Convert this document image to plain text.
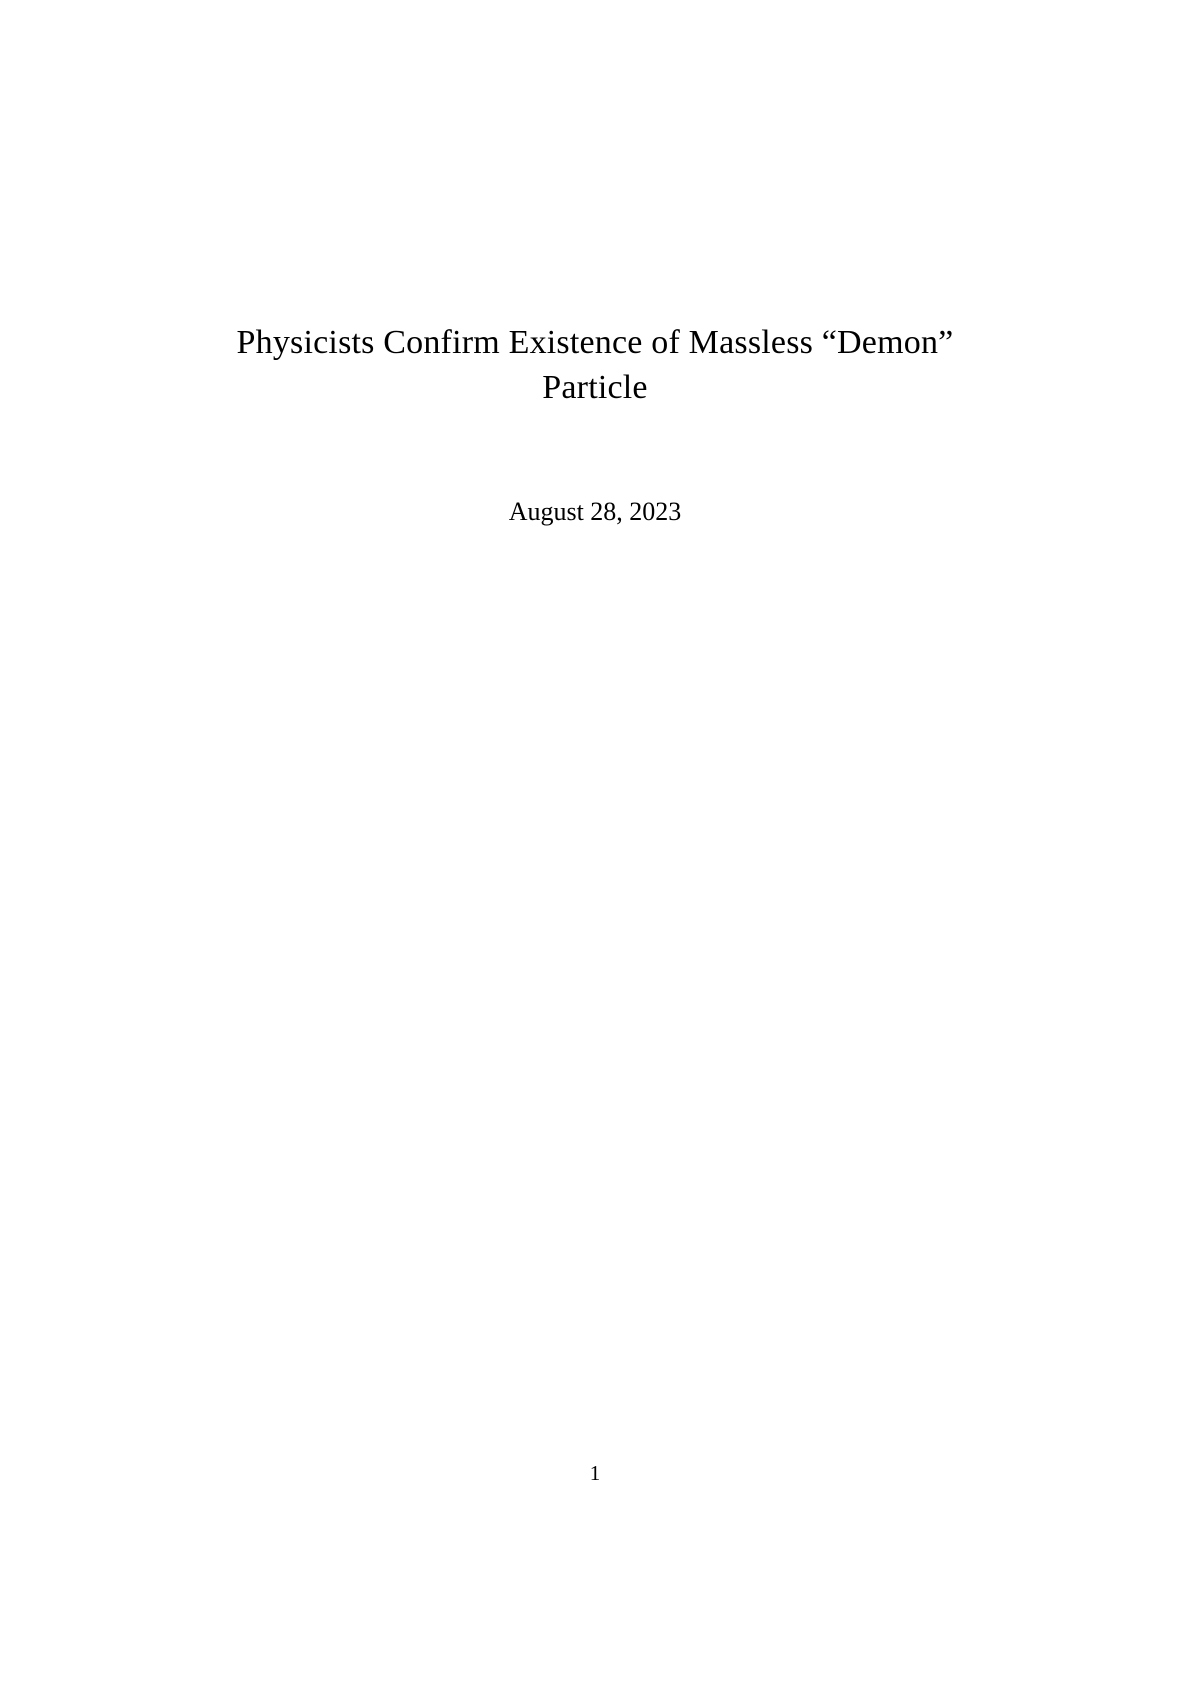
Physicists Confirm Existence of Massless “Demon”
Particle
August 28, 2023
1
